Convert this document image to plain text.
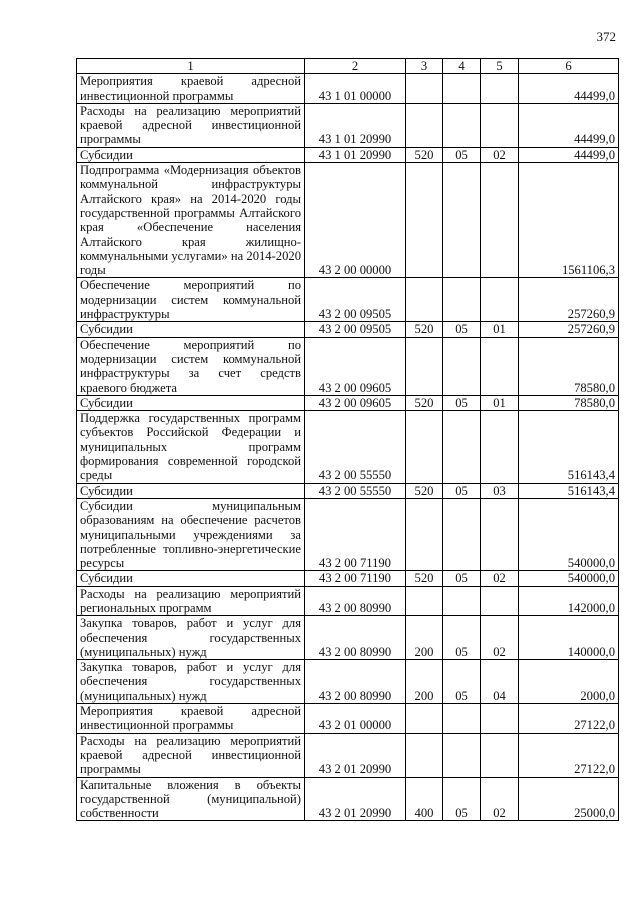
372
1	2	3	4	5	6
Мероприятия краевой адресной инвестиционной программы	43 1 01 00000				44499,0
Расходы на реализацию мероприятий краевой адресной инвестиционной программы	43 1 01 20990				44499,0
Субсидии	43 1 01 20990	520	05	02	44499,0
Подпрограмма «Модернизация объектов коммунальной инфраструктуры Алтайского края» на 2014-2020 годы государственной программы Алтайского края «Обеспечение населения Алтайского края жилищно-коммунальными услугами» на 2014-2020 годы	43 2 00 00000				1561106,3
Обеспечение мероприятий по модернизации систем коммунальной инфраструктуры	43 2 00 09505				257260,9
Субсидии	43 2 00 09505	520	05	01	257260,9
Обеспечение мероприятий по модернизации систем коммунальной инфраструктуры за счет средств краевого бюджета	43 2 00 09605				78580,0
Субсидии	43 2 00 09605	520	05	01	78580,0
Поддержка государственных программ субъектов Российской Федерации и муниципальных программ формирования современной городской среды	43 2 00 55550				516143,4
Субсидии	43 2 00 55550	520	05	03	516143,4
Субсидии муниципальным образованиям на обеспечение расчетов муниципальными учреждениями за потребленные топливно-энергетические ресурсы	43 2 00 71190				540000,0
Субсидии	43 2 00 71190	520	05	02	540000,0
Расходы на реализацию мероприятий региональных программ	43 2 00 80990				142000,0
Закупка товаров, работ и услуг для обеспечения государственных (муниципальных) нужд	43 2 00 80990	200	05	02	140000,0
Закупка товаров, работ и услуг для обеспечения государственных (муниципальных) нужд	43 2 00 80990	200	05	04	2000,0
Мероприятия краевой адресной инвестиционной программы	43 2 01 00000				27122,0
Расходы на реализацию мероприятий краевой адресной инвестиционной программы	43 2 01 20990				27122,0
Капитальные вложения в объекты государственной (муниципальной) собственности	43 2 01 20990	400	05	02	25000,0
